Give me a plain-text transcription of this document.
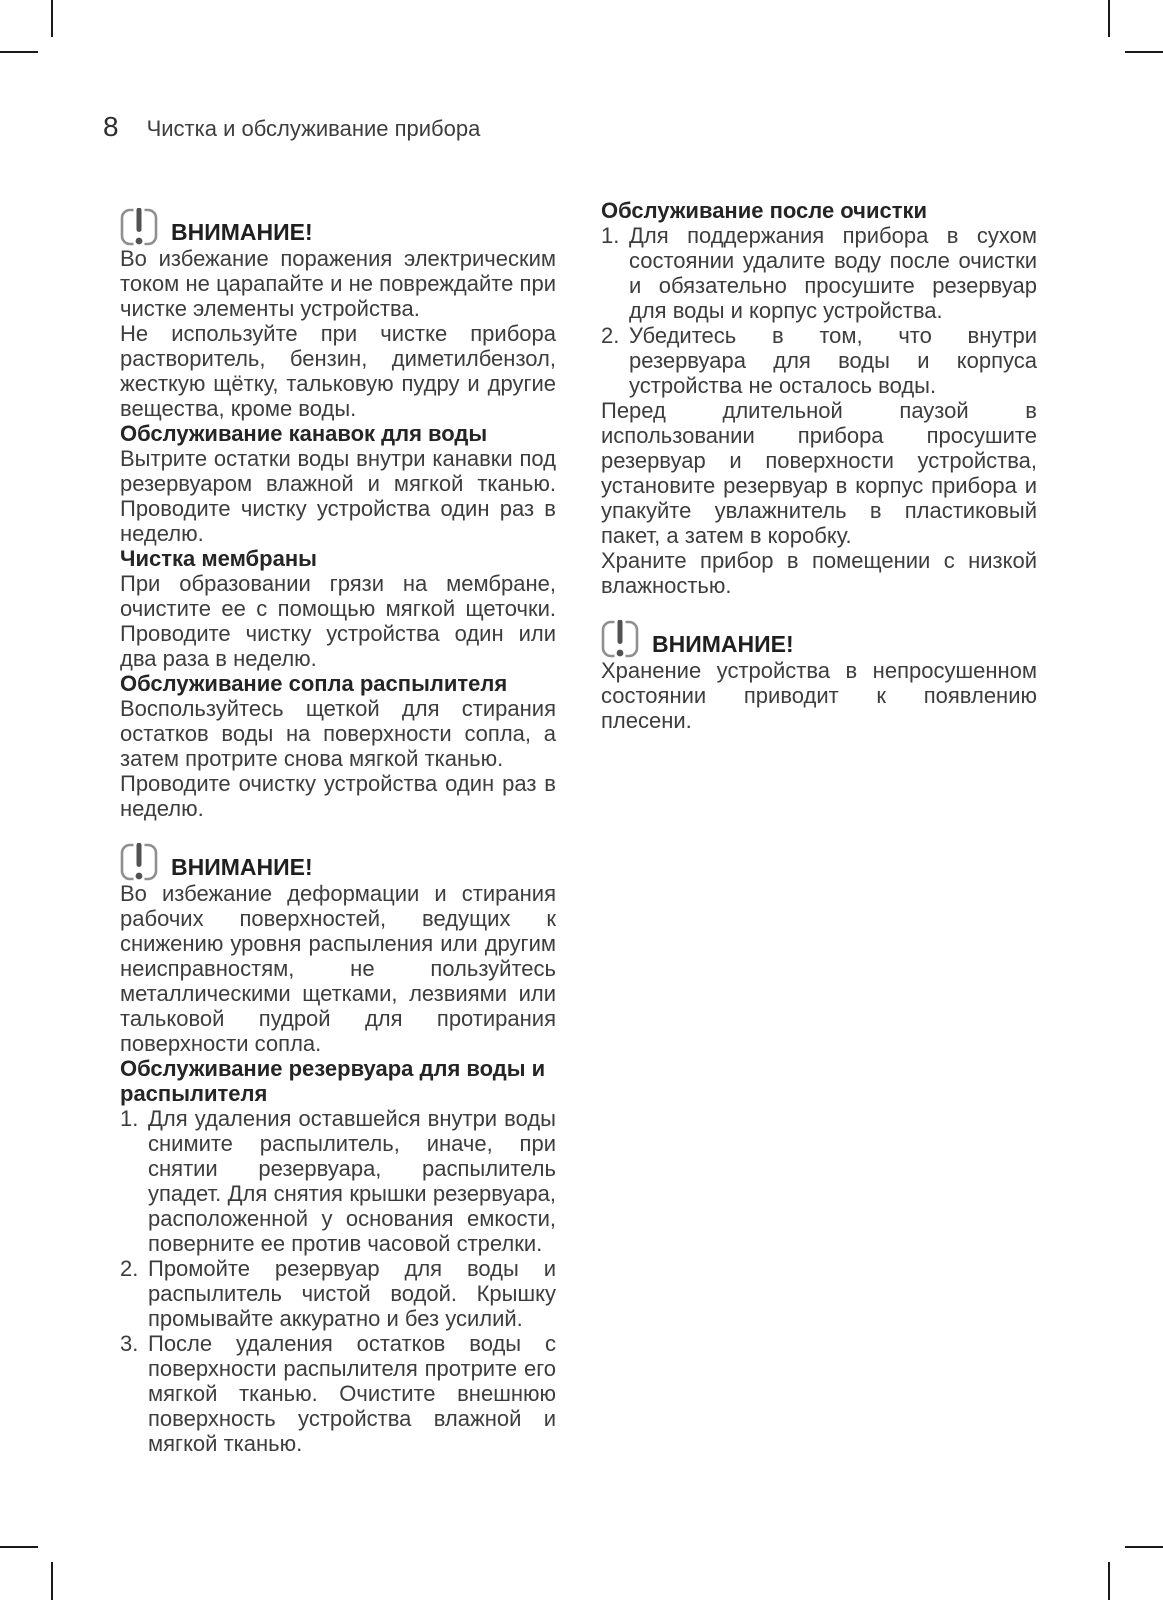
8 Чистка и обслуживание прибора
ВНИМАНИЕ!

Во избежание поражения электрическим током не царапайте и не повреждайте при чистке элементы устройства.

Не используйте при чистке прибора растворитель, бензин, диметилбензол, жесткую щётку, тальковую пудру и другие вещества, кроме воды.

Обслуживание канавок для воды

Вытрите остатки воды внутри канавки под резервуаром влажной и мягкой тканью. Проводите чистку устройства один раз в неделю.

Чистка мембраны

При образовании грязи на мембране, очистите ее с помощью мягкой щеточки. Проводите чистку устройства один или два раза в неделю.

Обслуживание сопла распылителя

Воспользуйтесь щеткой для стирания остатков воды на поверхности сопла, а затем протрите снова мягкой тканью.

Проводите очистку устройства один раз в неделю.

ВНИМАНИЕ!

Во избежание деформации и стирания рабочих поверхностей, ведущих к снижению уровня распыления или другим неисправностям, не пользуйтесь металлическими щетками, лезвиями или тальковой пудрой для протирания поверхности сопла.

Обслуживание резервуара для воды и распылителя
1. Для удаления оставшейся внутри воды снимите распылитель, иначе, при снятии резервуара, распылитель упадет. Для снятия крышки резервуара, расположенной у основания емкости, поверните ее против часовой стрелки.

2. Промойте резервуар для воды и распылитель чистой водой. Крышку промывайте аккуратно и без усилий.

3. После удаления остатков воды с поверхности распылителя протрите его мягкой тканью. Очистите внешнюю поверхность устройства влажной и мягкой тканью.

Обслуживание после очистки
1. Для поддержания прибора в сухом состоянии удалите воду после очистки и обязательно просушите резервуар для воды и корпус устройства.

2. Убедитесь в том, что внутри резервуара для воды и корпуса устройства не осталось воды.

Перед длительной паузой в использовании прибора просушите резервуар и поверхности устройства, установите резервуар в корпус прибора и упакуйте увлажнитель в пластиковый пакет, а затем в коробку.

Храните прибор в помещении с низкой влажностью.

ВНИМАНИЕ!

Хранение устройства в непросушенном состоянии приводит к появлению плесени.
